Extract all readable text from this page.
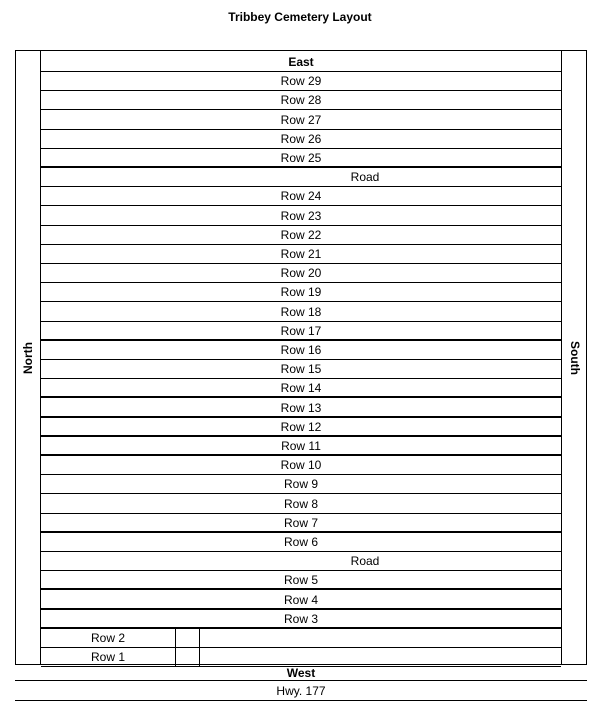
Tribbey Cemetery Layout
North	South
East
Row 29
Row 28
Row 27
Row 26
Row 25
Road
Row 24
Row 23
Row 22
Row 21
Row 20
Row 19
Row 18
Row 17
Row 16
Row 15
Row 14
Row 13
Row 12
Row 11
Row 10
Row 9
Row 8
Row 7
Row 6
Road
Row 5
Row 4
Row 3
Row 2
Row 1
West
Hwy. 177
